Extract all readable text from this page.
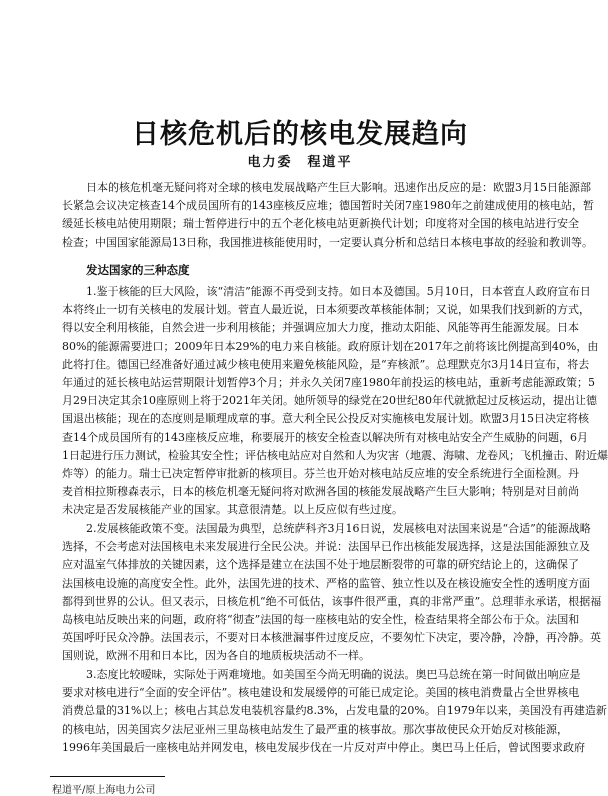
日核危机后的核电发展趋向
电力委　程道平
日本的核危机毫无疑问将对全球的核电发展战略产生巨大影响。迅速作出反应的是：欧盟3月15日能源部
长紧急会议决定核查14个成员国所有的143座核反应堆；德国暂时关闭7座1980年之前建成使用的核电站，暂
缓延长核电站使用期限；瑞士暂停进行中的五个老化核电站更新换代计划；印度将对全国的核电站进行安全
检查；中国国家能源局13日称，我国推进核能使用时，一定要认真分析和总结日本核电事故的经验和教训等。
发达国家的三种态度
1.鉴于核能的巨大风险，该“清洁”能源不再受到支持。如日本及德国。5月10日，日本菅直人政府宣布日
本将终止一切有关核电的发展计划。菅直人最近说，日本须要改革核能体制；又说，如果我们找到新的方式，
得以安全利用核能，自然会进一步利用核能；并强调应加大力度，推动太阳能、风能等再生能源发展。日本
80%的能源需要进口；2009年日本29%的电力来自核能。政府原计划在2017年之前将该比例提高到40%，由
此将打住。德国已经准备好通过减少核电使用来避免核能风险，是“弃核派”。总理默克尔3月14日宣布，将去
年通过的延长核电站运营期限计划暂停3个月；并永久关闭7座1980年前投运的核电站，重新考虑能源政策；5
月29日决定其余10座原则上将于2021年关闭。她所领导的绿党在20世纪80年代就掀起过反核运动，提出让德
国退出核能；现在的态度则是顺理成章的事。意大利全民公投反对实施核电发展计划。欧盟3月15日决定将核
查14个成员国所有的143座核反应堆，称要展开的核安全检查以解决所有对核电站安全产生威胁的问题，6月
1日起进行压力测试，检验其安全性；评估核电站应对自然和人为灾害（地震、海啸、龙卷风；飞机撞击、附近爆
炸等）的能力。瑞士已决定暂停审批新的核项目。芬兰也开始对核电站反应堆的安全系统进行全面检测。丹
麦首相拉斯穆森表示，日本的核危机毫无疑问将对欧洲各国的核能发展战略产生巨大影响；特别是对目前尚
未决定是否发展核能产业的国家。其意很清楚。以上反应似有些过度。
2.发展核能政策不变。法国最为典型，总统萨科齐3月16日说，发展核电对法国来说是“合适”的能源战略
选择，不会考虑对法国核电未来发展进行全民公决。并说：法国早已作出核能发展选择，这是法国能源独立及
应对温室气体排放的关键因素，这个选择是建立在法国不处于地层断裂带的可靠的研究结论上的，这确保了
法国核电设施的高度安全性。此外，法国先进的技术、严格的监管、独立性以及在核设施安全性的透明度方面
都得到世界的公认。但又表示，日核危机“绝不可低估，该事件很严重，真的非常严重”。总理菲永承诺，根据福
岛核电站反映出来的问题，政府将“彻查”法国的每一座核电站的安全性，检查结果将全部公布于众。法国和
英国呼吁民众冷静。法国表示，不要对日本核泄漏事件过度反应，不要匆忙下决定，要冷静，冷静，再冷静。英
国则说，欧洲不用和日本比，因为各自的地质板块活动不一样。
3.态度比较暧昧，实际处于两难境地。如美国至今尚无明确的说法。奥巴马总统在第一时间做出响应是
要求对核电进行“全面的安全评估”。核电建设和发展缓停的可能已成定论。美国的核电消费量占全世界核电
消费总量的31%以上；核电占其总发电装机容量约8.3%，占发电量的20%。自1979年以来，美国没有再建造新
的核电站，因美国宾夕法尼亚州三里岛核电站发生了最严重的核事故。那次事故使民众开始反对核能源，
1996年美国最后一座核电站并网发电，核电发展步伐在一片反对声中停止。奥巴马上任后，曾试图要求政府
程道平/原上海电力公司
